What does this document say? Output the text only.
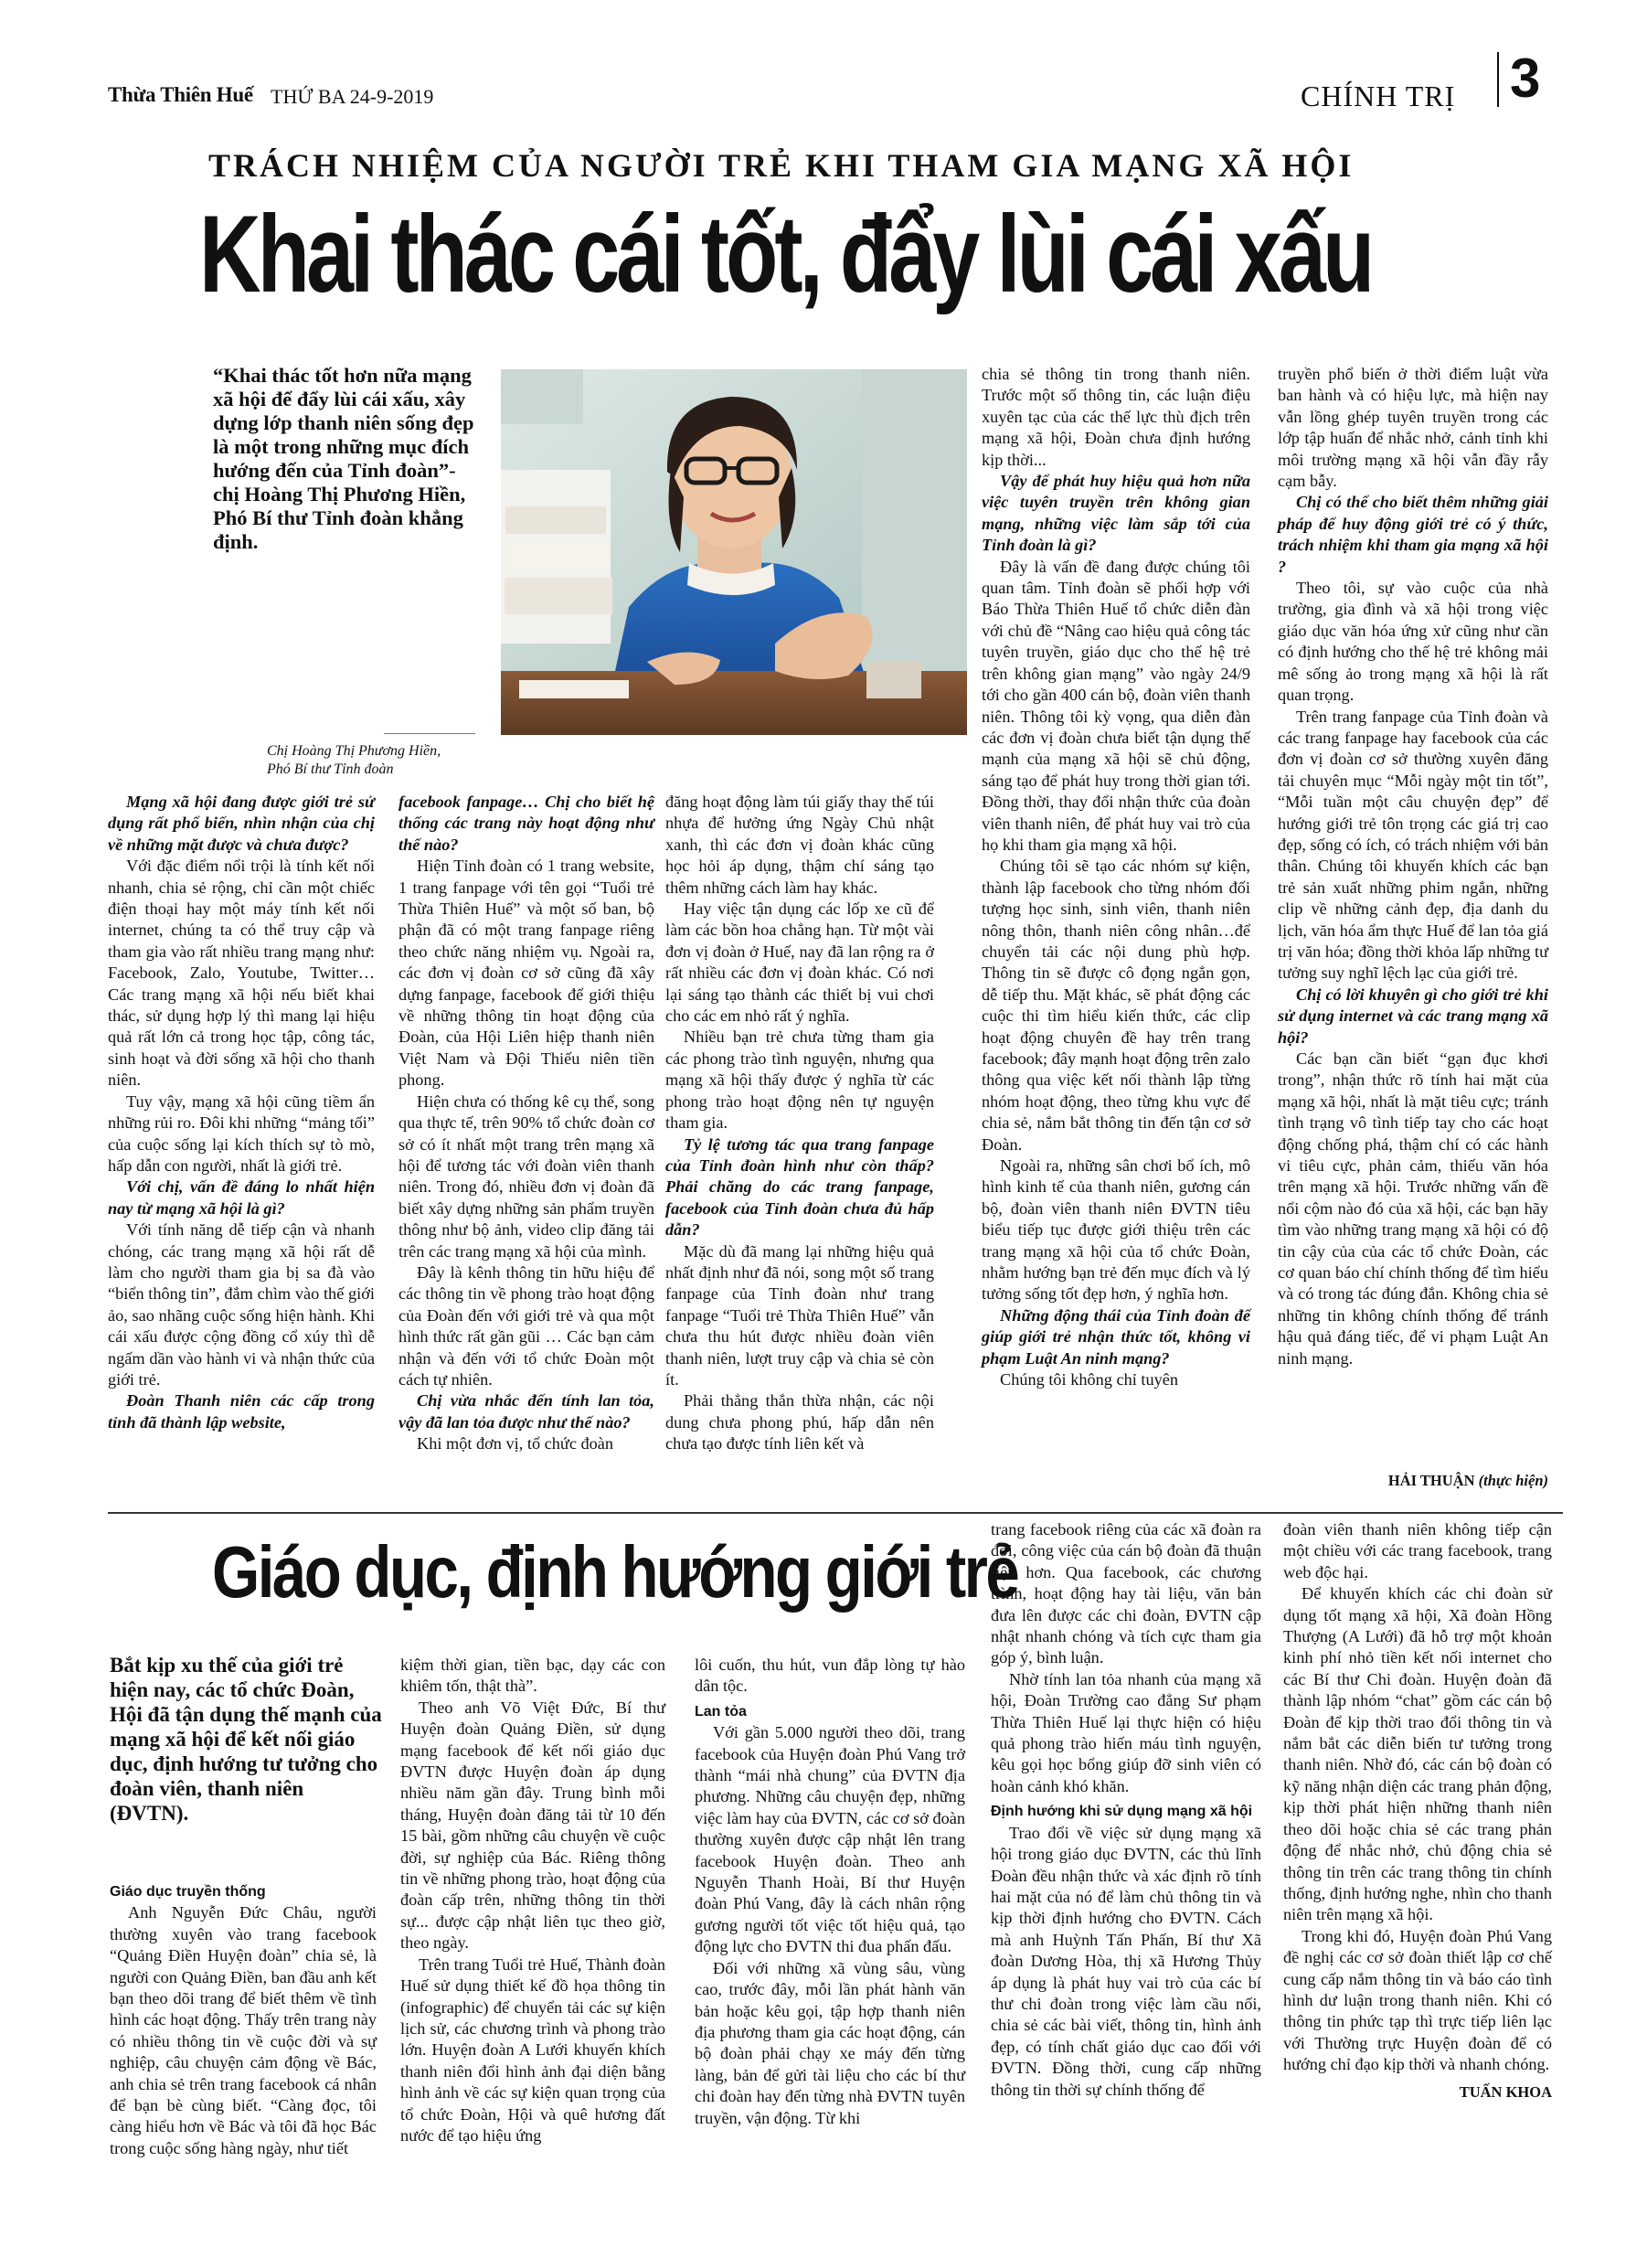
Thừa Thiên Huế THỨ BA 24-9-2019	CHÍNH TRỊ 3
TRÁCH NHIỆM CỦA NGƯỜI TRẺ KHI THAM GIA MẠNG XÃ HỘI
Khai thác cái tốt, đẩy lùi cái xấu
“Khai thác tốt hơn nữa mạng xã hội để đẩy lùi cái xấu, xây dựng lớp thanh niên sống đẹp là một trong những mục đích hướng đến của Tỉnh đoàn”- chị Hoàng Thị Phương Hiền, Phó Bí thư Tỉnh đoàn khẳng định.
Chị Hoàng Thị Phương Hiền,
Phó Bí thư Tỉnh đoàn

Mạng xã hội đang được giới trẻ sử dụng rất phổ biến, nhìn nhận của chị về những mặt được và chưa được?

Với đặc điểm nổi trội là tính kết nối nhanh, chia sẻ rộng, chỉ cần một chiếc điện thoại hay một máy tính kết nối internet, chúng ta có thể truy cập và tham gia vào rất nhiều trang mạng như: Facebook, Zalo, Youtube, Twitter… Các trang mạng xã hội nếu biết khai thác, sử dụng hợp lý thì mang lại hiệu quả rất lớn cả trong học tập, công tác, sinh hoạt và đời sống xã hội cho thanh niên.

Tuy vậy, mạng xã hội cũng tiềm ẩn những rủi ro. Đôi khi những “mảng tối” của cuộc sống lại kích thích sự tò mò, hấp dẫn con người, nhất là giới trẻ.

Với chị, vấn đề đáng lo nhất hiện nay từ mạng xã hội là gì?

Với tính năng dễ tiếp cận và nhanh chóng, các trang mạng xã hội rất dễ làm cho người tham gia bị sa đà vào “biển thông tin”, đắm chìm vào thế giới ảo, sao nhãng cuộc sống hiện hành. Khi cái xấu được cộng đồng cổ xúy thì dễ ngấm dần vào hành vi và nhận thức của giới trẻ.

Đoàn Thanh niên các cấp trong tỉnh đã thành lập website,

facebook fanpage… Chị cho biết hệ thống các trang này hoạt động như thế nào?

Hiện Tỉnh đoàn có 1 trang website, 1 trang fanpage với tên gọi “Tuổi trẻ Thừa Thiên Huế” và một số ban, bộ phận đã có một trang fanpage riêng theo chức năng nhiệm vụ. Ngoài ra, các đơn vị đoàn cơ sở cũng đã xây dựng fanpage, facebook để giới thiệu về những thông tin hoạt động của Đoàn, của Hội Liên hiệp thanh niên Việt Nam và Đội Thiếu niên tiền phong.

Hiện chưa có thống kê cụ thể, song qua thực tế, trên 90% tổ chức đoàn cơ sở có ít nhất một trang trên mạng xã hội để tương tác với đoàn viên thanh niên. Trong đó, nhiều đơn vị đoàn đã biết xây dựng những sản phẩm truyền thông như bộ ảnh, video clip đăng tải trên các trang mạng xã hội của mình.

Đây là kênh thông tin hữu hiệu để các thông tin về phong trào hoạt động của Đoàn đến với giới trẻ và qua một hình thức rất gần gũi … Các bạn cảm nhận và đến với tổ chức Đoàn một cách tự nhiên.

Chị vừa nhắc đến tính lan tỏa, vậy đã lan tỏa được như thế nào?

Khi một đơn vị, tổ chức đoàn

đăng hoạt động làm túi giấy thay thế túi nhựa để hưởng ứng Ngày Chủ nhật xanh, thì các đơn vị đoàn khác cũng học hỏi áp dụng, thậm chí sáng tạo thêm những cách làm hay khác.

Hay việc tận dụng các lốp xe cũ để làm các bồn hoa chẳng hạn. Từ một vài đơn vị đoàn ở Huế, nay đã lan rộng ra ở rất nhiều các đơn vị đoàn khác. Có nơi lại sáng tạo thành các thiết bị vui chơi cho các em nhỏ rất ý nghĩa.

Nhiều bạn trẻ chưa từng tham gia các phong trào tình nguyện, nhưng qua mạng xã hội thấy được ý nghĩa từ các phong trào hoạt động nên tự nguyện tham gia.

Tỷ lệ tương tác qua trang fanpage của Tỉnh đoàn hình như còn thấp?Phải chăng do các trang fanpage, facebook của Tỉnh đoàn chưa đủ hấp dẫn?

Mặc dù đã mang lại những hiệu quả nhất định như đã nói, song một số trang fanpage của Tỉnh đoàn như trang fanpage “Tuổi trẻ Thừa Thiên Huế” vẫn chưa thu hút được nhiều đoàn viên thanh niên, lượt truy cập và chia sẻ còn ít.

Phải thẳng thắn thừa nhận, các nội dung chưa phong phú, hấp dẫn nên chưa tạo được tính liên kết và

chia sẻ thông tin trong thanh niên. Trước một số thông tin, các luận điệu xuyên tạc của các thế lực thù địch trên mạng xã hội, Đoàn chưa định hướng kịp thời...

Vậy để phát huy hiệu quả hơn nữa việc tuyên truyền trên không gian mạng, những việc làm sắp tới của Tỉnh đoàn là gì?

Đây là vấn đề đang được chúng tôi quan tâm. Tỉnh đoàn sẽ phối hợp với Báo Thừa Thiên Huế tổ chức diễn đàn với chủ đề “Nâng cao hiệu quả công tác tuyên truyền, giáo dục cho thế hệ trẻ trên không gian mạng” vào ngày 24/9 tới cho gần 400 cán bộ, đoàn viên thanh niên. Thông tôi kỳ vọng, qua diễn đàn các đơn vị đoàn chưa biết tận dụng thế mạnh của mạng xã hội sẽ chủ động, sáng tạo để phát huy trong thời gian tới. Đồng thời, thay đổi nhận thức của đoàn viên thanh niên, để phát huy vai trò của họ khi tham gia mạng xã hội.

Chúng tôi sẽ tạo các nhóm sự kiện, thành lập facebook cho từng nhóm đối tượng học sinh, sinh viên, thanh niên nông thôn, thanh niên công nhân…để chuyển tải các nội dung phù hợp. Thông tin sẽ được cô đọng ngắn gọn, dễ tiếp thu. Mặt khác, sẽ phát động các cuộc thi tìm hiểu kiến thức, các clip hoạt động chuyên đề hay trên trang facebook; đây mạnh hoạt động trên zalo thông qua việc kết nối thành lập từng nhóm hoạt động, theo từng khu vực để chia sẻ, nắm bắt thông tin đến tận cơ sở Đoàn.

Ngoài ra, những sân chơi bổ ích, mô hình kinh tế của thanh niên, gương cán bộ, đoàn viên thanh niên ĐVTN tiêu biểu tiếp tục được giới thiệu trên các trang mạng xã hội của tổ chức Đoàn, nhằm hướng bạn trẻ đến mục đích và lý tưởng sống tốt đẹp hơn, ý nghĩa hơn.

Những động thái của Tỉnh đoàn để giúp giới trẻ nhận thức tốt, không vi phạm Luật An ninh mạng?

Chúng tôi không chỉ tuyên

truyền phổ biến ở thời điểm luật vừa ban hành và có hiệu lực, mà hiện nay vẫn lồng ghép tuyên truyền trong các lớp tập huấn để nhắc nhở, cảnh tỉnh khi môi trường mạng xã hội vẫn đầy rẫy cạm bẫy.

Chị có thể cho biết thêm những giải pháp để huy động giới trẻ có ý thức, trách nhiệm khi tham gia mạng xã hội ?

Theo tôi, sự vào cuộc của nhà trường, gia đình và xã hội trong việc giáo dục văn hóa ứng xử cũng như cần có định hướng cho thế hệ trẻ không mải mê sống ảo trong mạng xã hội là rất quan trọng.

Trên trang fanpage của Tỉnh đoàn và các trang fanpage hay facebook của các đơn vị đoàn cơ sở thường xuyên đăng tải chuyên mục “Mỗi ngày một tin tốt”, “Mỗi tuần một câu chuyện đẹp” để hướng giới trẻ tôn trọng các giá trị cao đẹp, sống có ích, có trách nhiệm với bản thân. Chúng tôi khuyến khích các bạn trẻ sản xuất những phim ngắn, những clip về những cảnh đẹp, địa danh du lịch, văn hóa ẩm thực Huế để lan tỏa giá trị văn hóa; đồng thời khỏa lấp những tư tưởng suy nghĩ lệch lạc của giới trẻ.

Chị có lời khuyên gì cho giới trẻ khi sử dụng internet và các trang mạng xã hội?

Các bạn cần biết “gạn đục khơi trong”, nhận thức rõ tính hai mặt của mạng xã hội, nhất là mặt tiêu cực; tránh tình trạng vô tình tiếp tay cho các hoạt động chống phá, thậm chí có các hành vi tiêu cực, phản cảm, thiếu văn hóa trên mạng xã hội. Trước những vấn đề nổi cộm nào đó của xã hội, các bạn hãy tìm vào những trang mạng xã hội có độ tin cậy của của các tổ chức Đoàn, các cơ quan báo chí chính thống để tìm hiểu và có trong tác đúng đắn. Không chia sẻ những tin không chính thống để tránh hậu quả đáng tiếc, để vi phạm Luật An ninh mạng.

HẢI THUẬN (thực hiện)

Giáo dục, định hướng giới trẻ
Bắt kịp xu thế của giới trẻ hiện nay, các tổ chức Đoàn, Hội đã tận dụng thế mạnh của mạng xã hội để kết nối giáo dục, định hướng tư tưởng cho đoàn viên, thanh niên (ĐVTN).

Giáo dục truyền thống

Anh Nguyễn Đức Châu, người thường xuyên vào trang facebook “Quảng Điền Huyện đoàn” chia sẻ, là người con Quảng Điền, ban đầu anh kết bạn theo dõi trang để biết thêm về tình hình các hoạt động. Thấy trên trang này có nhiều thông tin về cuộc đời và sự nghiệp, câu chuyện cảm động về Bác, anh chia sẻ trên trang facebook cá nhân để bạn bè cùng biết. “Càng đọc, tôi càng hiểu hơn về Bác và tôi đã học Bác trong cuộc sống hàng ngày, như tiết

kiệm thời gian, tiền bạc, dạy các con khiêm tốn, thật thà”.

Theo anh Võ Việt Đức, Bí thư Huyện đoàn Quảng Điền, sử dụng mạng facebook để kết nối giáo dục ĐVTN được Huyện đoàn áp dụng nhiều năm gần đây. Trung bình mỗi tháng, Huyện đoàn đăng tải từ 10 đến 15 bài, gồm những câu chuyện về cuộc đời, sự nghiệp của Bác. Riêng thông tin về những phong trào, hoạt động của đoàn cấp trên, những thông tin thời sự... được cập nhật liên tục theo giờ, theo ngày.

Trên trang Tuổi trẻ Huế, Thành đoàn Huế sử dụng thiết kế đồ họa thông tin (infographic) để chuyển tải các sự kiện lịch sử, các chương trình và phong trào lớn. Huyện đoàn A Lưới khuyến khích thanh niên đổi hình ảnh đại diện bằng hình ảnh về các sự kiện quan trọng của tổ chức Đoàn, Hội và quê hương đất nước để tạo hiệu ứng

lôi cuốn, thu hút, vun đắp lòng tự hào dân tộc.

Lan tỏa

Với gần 5.000 người theo dõi, trang facebook của Huyện đoàn Phú Vang trở thành “mái nhà chung” của ĐVTN địa phương. Những câu chuyện đẹp, những việc làm hay của ĐVTN, các cơ sở đoàn thường xuyên được cập nhật lên trang facebook Huyện đoàn. Theo anh Nguyễn Thanh Hoài, Bí thư Huyện đoàn Phú Vang, đây là cách nhân rộng gương người tốt việc tốt hiệu quả, tạo động lực cho ĐVTN thi đua phấn đấu.

Đối với những xã vùng sâu, vùng cao, trước đây, mỗi lần phát hành văn bản hoặc kêu gọi, tập hợp thanh niên địa phương tham gia các hoạt động, cán bộ đoàn phải chạy xe máy đến từng làng, bản để gửi tài liệu cho các bí thư chi đoàn hay đến từng nhà ĐVTN tuyên truyền, vận động. Từ khi

trang facebook riêng của các xã đoàn ra đời, công việc của cán bộ đoàn đã thuận tiện hơn. Qua facebook, các chương trình, hoạt động hay tài liệu, văn bản đưa lên được các chi đoàn, ĐVTN cập nhật nhanh chóng và tích cực tham gia góp ý, bình luận.

Nhờ tính lan tỏa nhanh của mạng xã hội, Đoàn Trường cao đẳng Sư phạm Thừa Thiên Huế lại thực hiện có hiệu quả phong trào hiến máu tình nguyện, kêu gọi học bổng giúp đỡ sinh viên có hoàn cảnh khó khăn.

Định hướng khi sử dụng mạng xã hội

Trao đổi về việc sử dụng mạng xã hội trong giáo dục ĐVTN, các thủ lĩnh Đoàn đều nhận thức và xác định rõ tính hai mặt của nó để làm chủ thông tin và kịp thời định hướng cho ĐVTN. Cách mà anh Huỳnh Tấn Phấn, Bí thư Xã đoàn Dương Hòa, thị xã Hương Thủy áp dụng là phát huy vai trò của các bí thư chi đoàn trong việc làm cầu nối, chia sẻ các bài viết, thông tin, hình ảnh đẹp, có tính chất giáo dục cao đối với ĐVTN. Đồng thời, cung cấp những thông tin thời sự chính thống để

đoàn viên thanh niên không tiếp cận một chiều với các trang facebook, trang web độc hại.

Để khuyến khích các chi đoàn sử dụng tốt mạng xã hội, Xã đoàn Hồng Thượng (A Lưới) đã hỗ trợ một khoản kinh phí nhỏ tiền kết nối internet cho các Bí thư Chi đoàn. Huyện đoàn đã thành lập nhóm “chat” gồm các cán bộ Đoàn để kịp thời trao đổi thông tin và nắm bắt các diễn biến tư tưởng trong thanh niên. Nhờ đó, các cán bộ đoàn có kỹ năng nhận diện các trang phản động, kịp thời phát hiện những thanh niên theo dõi hoặc chia sẻ các trang phản động để nhắc nhở, chủ động chia sẻ thông tin trên các trang thông tin chính thống, định hướng nghe, nhìn cho thanh niên trên mạng xã hội.

Trong khi đó, Huyện đoàn Phú Vang đề nghị các cơ sở đoàn thiết lập cơ chế cung cấp nắm thông tin và báo cáo tình hình dư luận trong thanh niên. Khi có thông tin phức tạp thì trực tiếp liên lạc với Thường trực Huyện đoàn để có hướng chỉ đạo kịp thời và nhanh chóng.

TUẤN KHOA
